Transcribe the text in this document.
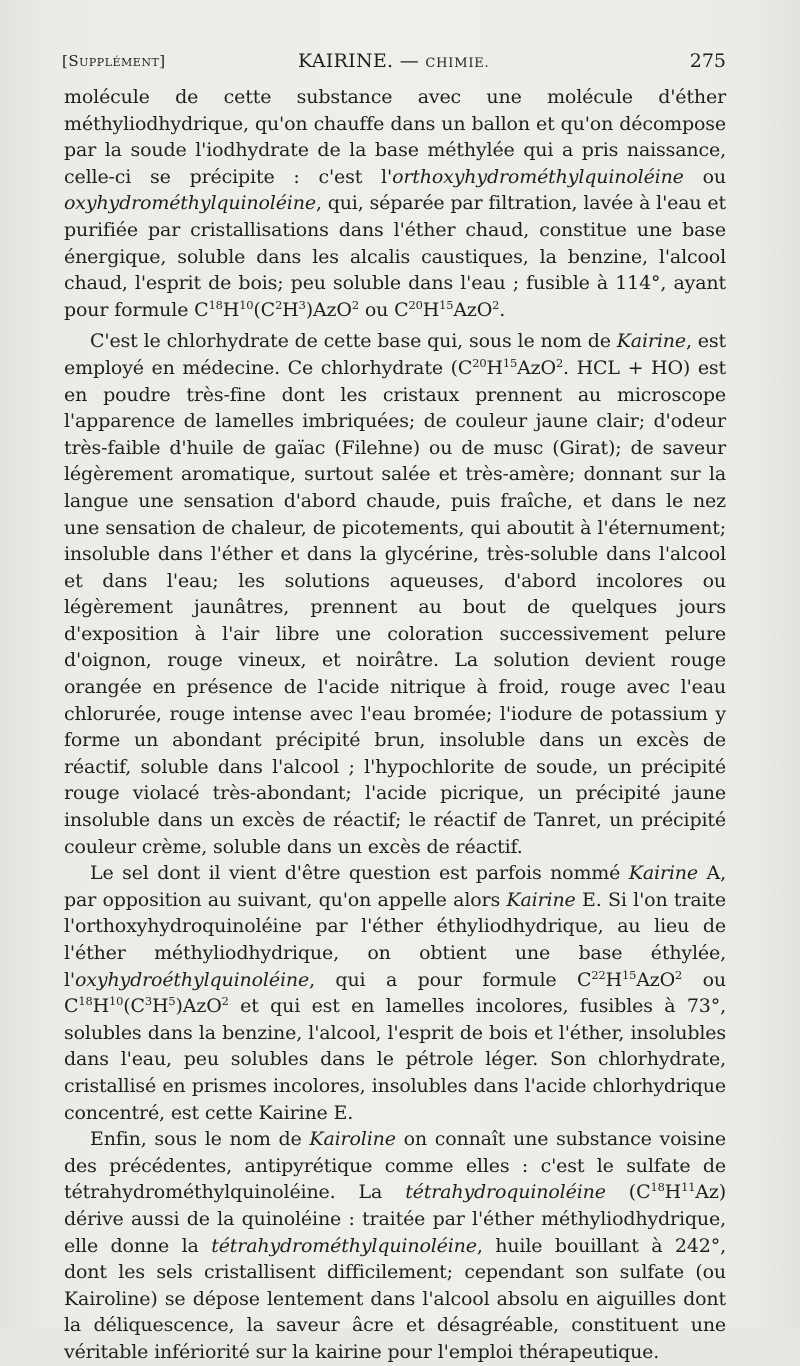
[Supplément]	KAIRINE. — CHIMIE.	275

molécule de cette substance avec une molécule d'éther méthyliodhydrique, qu'on chauffe dans un ballon et qu'on décompose par la soude l'iodhydrate de la base méthylée qui a pris naissance, celle-ci se précipite : c'est l'orthoxyhydrométhylquinoléine ou oxyhydrométhylquinoléine, qui, séparée par filtration, lavée à l'eau et purifiée par cristallisations dans l'éther chaud, constitue une base énergique, soluble dans les alcalis caustiques, la benzine, l'alcool chaud, l'esprit de bois; peu soluble dans l'eau ; fusible à 114°, ayant pour formule $C^{18}H^{10}(C^2H^3)AzO^2$ ou $C^{20}H^{15}AzO^2$.

C'est le chlorhydrate de cette base qui, sous le nom de Kairine, est employé en médecine. Ce chlorhydrate ($C^{20}H^{15}AzO^2$. HCL + HO) est en poudre très-fine dont les cristaux prennent au microscope l'apparence de lamelles imbriquées; de couleur jaune clair; d'odeur très-faible d'huile de gaïac (Filehne) ou de musc (Girat); de saveur légèrement aromatique, surtout salée et très-amère; donnant sur la langue une sensation d'abord chaude, puis fraîche, et dans le nez une sensation de chaleur, de picotements, qui aboutit à l'éternument; insoluble dans l'éther et dans la glycérine, très-soluble dans l'alcool et dans l'eau; les solutions aqueuses, d'abord incolores ou légèrement jaunâtres, prennent au bout de quelques jours d'exposition à l'air libre une coloration successivement pelure d'oignon, rouge vineux, et noirâtre. La solution devient rouge orangée en présence de l'acide nitrique à froid, rouge avec l'eau chlorurée, rouge intense avec l'eau bromée; l'iodure de potassium y forme un abondant précipité brun, insoluble dans un excès de réactif, soluble dans l'alcool ; l'hypochlorite de soude, un précipité rouge violacé très-abondant; l'acide picrique, un précipité jaune insoluble dans un excès de réactif; le réactif de Tanret, un précipité couleur crème, soluble dans un excès de réactif.

Le sel dont il vient d'être question est parfois nommé Kairine A, par opposition au suivant, qu'on appelle alors Kairine E. Si l'on traite l'orthoxyhydroquinoléine par l'éther éthyliodhydrique, au lieu de l'éther méthyliodhydrique, on obtient une base éthylée, l'oxyhydroéthylquinoléine, qui a pour formule $C^{22}H^{15}AzO^2$ ou $C^{18}H^{10}(C^3H^5)AzO^2$ et qui est en lamelles incolores, fusibles à 73°, solubles dans la benzine, l'alcool, l'esprit de bois et l'éther, insolubles dans l'eau, peu solubles dans le pétrole léger. Son chlorhydrate, cristallisé en prismes incolores, insolubles dans l'acide chlorhydrique concentré, est cette Kairine E.

Enfin, sous le nom de Kairoline on connaît une substance voisine des précédentes, antipyrétique comme elles : c'est le sulfate de tétrahydrométhylquinoléine. La tétrahydroquinoléine $(C^{18}H^{11}Az)$ dérive aussi de la quinoléine : traitée par l'éther méthyliodhydrique, elle donne la tétrahydrométhylquinoléine, huile bouillant à 242°, dont les sels cristallisent difficilement; cependant son sulfate (ou Kairoline) se dépose lentement dans l'alcool absolu en aiguilles dont la déliquescence, la saveur âcre et désagréable, constituent une véritable infériorité sur la kairine pour l'emploi thérapeutique.
